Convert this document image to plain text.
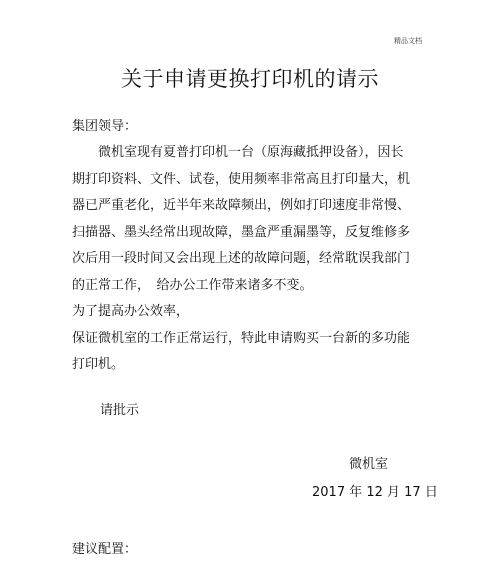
精品文档
关于申请更换打印机的请示
集团领导：
　　微机室现有夏普打印机一台（原海藏抵押设备），因长
期打印资料、文件、试卷，使用频率非常高且打印量大，机
器已严重老化，近半年来故障频出，例如打印速度非常慢、
扫描器、墨头经常出现故障，墨盒严重漏墨等，反复维修多
次后用一段时间又会出现上述的故障问题，经常耽误我部门
的正常工作，　给办公工作带来诸多不变。
为了提高办公效率，
保证微机室的工作正常运行，特此申请购买一台新的多功能
打印机。
请批示
微机室
2017 年 12 月 17 日
建议配置：
